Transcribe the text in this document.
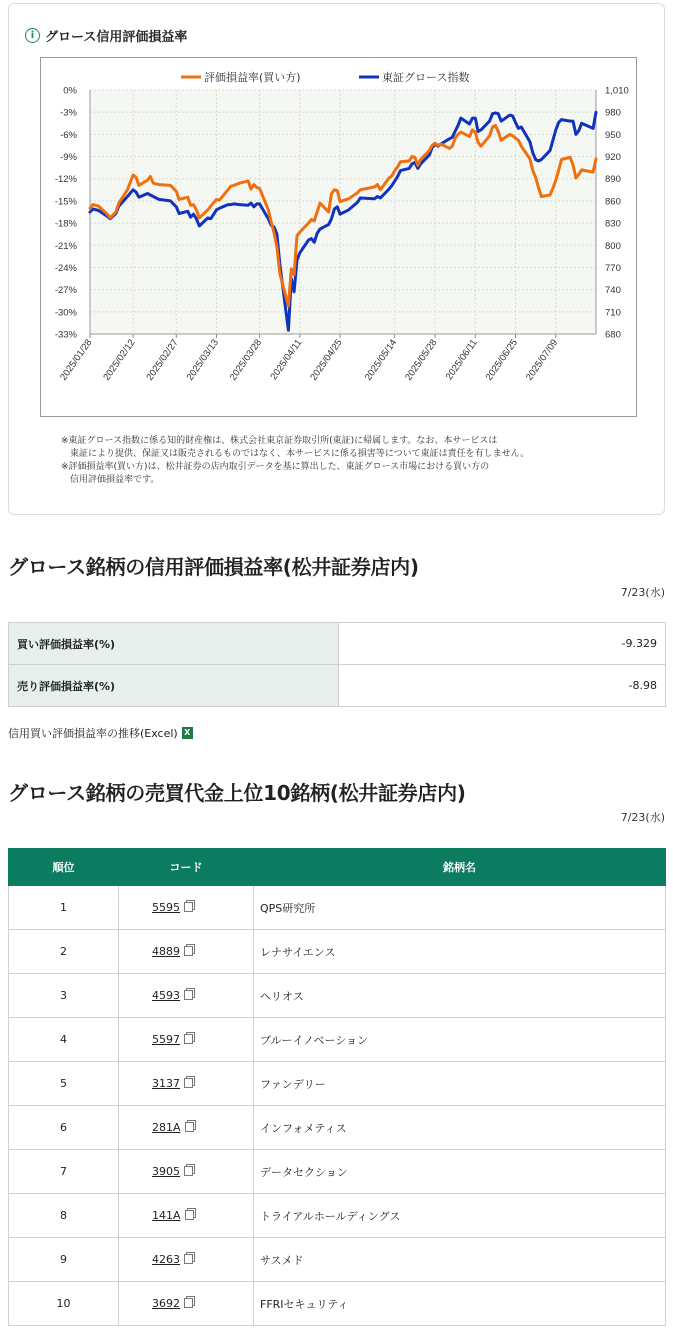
i グロース信用評価損益率
0%	1,010
-3%	980
-6%	950
-9%	920
-12%	890
-15%	860
-18%	830
-21%	800
-24%	770
-27%	740
-30%	710
-33%	680
2025/01/28 2025/02/12 2025/02/27 2025/03/13 2025/03/28 2025/04/11 2025/04/25 2025/05/14 2025/05/28 2025/06/11 2025/06/25 2025/07/09
評価損益率(買い方)	東証グロース指数
※東証グロース指数に係る知的財産権は、株式会社東京証券取引所(東証)に帰属します。なお、本サービスは
　東証により提供、保証又は販売されるものではなく、本サービスに係る損害等について東証は責任を有しません。
※評価損益率(買い方)は、松井証券の店内取引データを基に算出した、東証グロース市場における買い方の
　信用評価損益率です。
グロース銘柄の信用評価損益率(松井証券店内)
7/23(水)
買い評価損益率(%)	-9.329
売り評価損益率(%)	-8.98
信用買い評価損益率の推移(Excel) X
グロース銘柄の売買代金上位10銘柄(松井証券店内)
7/23(水)
順位	コード	銘柄名
1	5595	QPS研究所
2	4889	レナサイエンス
3	4593	ヘリオス
4	5597	ブルーイノベーション
5	3137	ファンデリー
6	281A	インフォメティス
7	3905	データセクション
8	141A	トライアルホールディングス
9	4263	サスメド
10	3692	FFRIセキュリティ
